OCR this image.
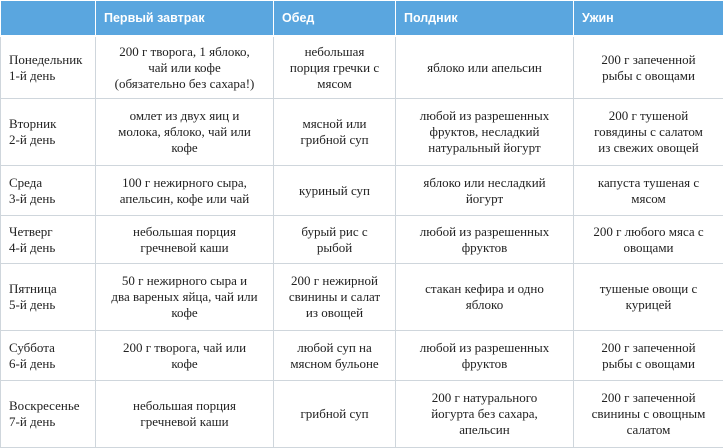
	Первый завтрак	Обед	Полдник	Ужин

Понедельник
1-й день	200 г творога, 1 яблоко,
чай или кофе
(обязательно без сахара!)	небольшая
порция гречки с
мясом	яблоко или апельсин	200 г запеченной
рыбы с овощами

Вторник
2-й день	омлет из двух яиц и
молока, яблоко, чай или
кофе	мясной или
грибной суп	любой из разрешенных
фруктов, несладкий
натуральный йогурт	200 г тушеной
говядины с салатом
из свежих овощей

Среда
3-й день	100 г нежирного сыра,
апельсин, кофе или чай	куриный суп	яблоко или несладкий
йогурт	капуста тушеная с
мясом

Четверг
4-й день	небольшая порция
гречневой каши	бурый рис с
рыбой	любой из разрешенных
фруктов	200 г любого мяса с
овощами

Пятница
5-й день	50 г нежирного сыра и
два вареных яйца, чай или
кофе	200 г нежирной
свинины и салат
из овощей	стакан кефира и одно
яблоко	тушеные овощи с
курицей

Суббота
6-й день	200 г творога, чай или
кофе	любой суп на
мясном бульоне	любой из разрешенных
фруктов	200 г запеченной
рыбы с овощами

Воскресенье
7-й день	небольшая порция
гречневой каши	грибной суп	200 г натурального
йогурта без сахара,
апельсин	200 г запеченной
свинины с овощным
салатом
